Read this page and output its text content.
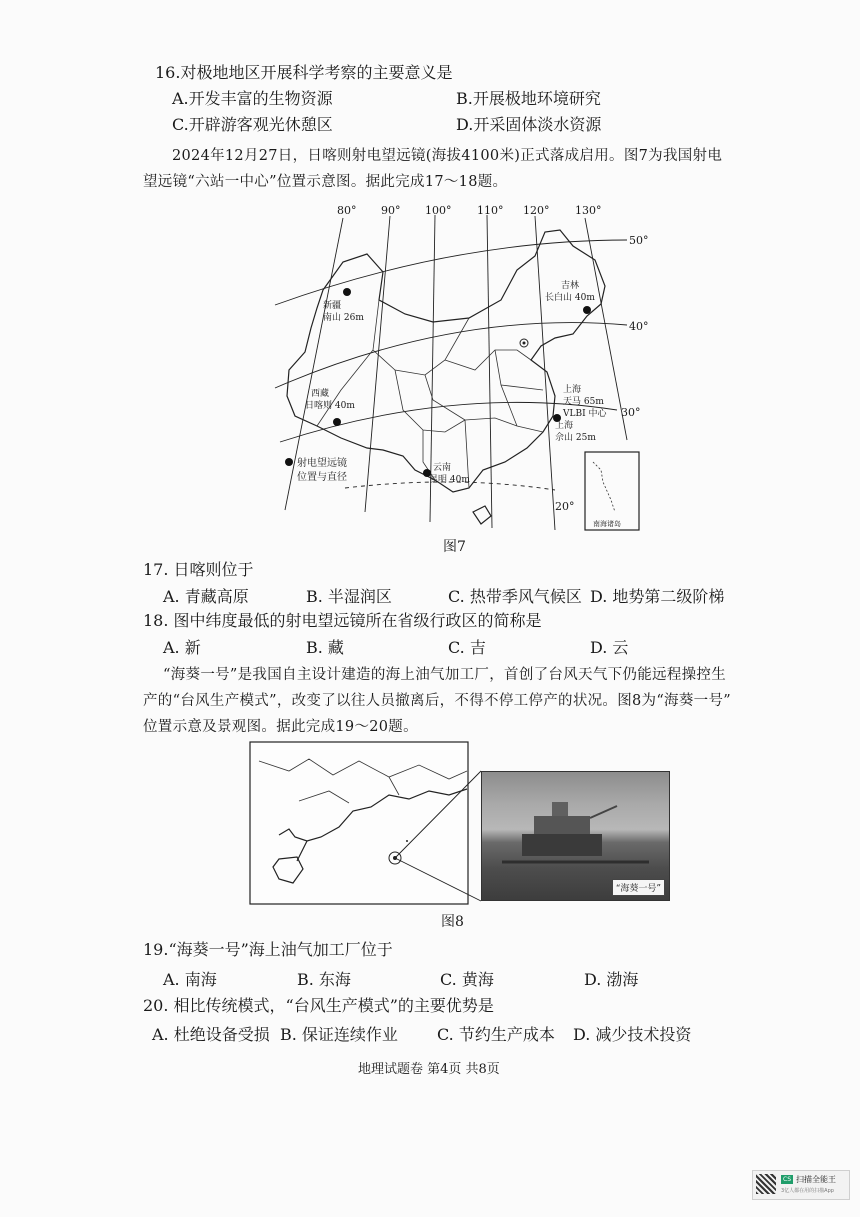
16.对极地地区开展科学考察的主要意义是
A.开发丰富的生物资源	B.开展极地环境研究
C.开辟游客观光休憩区	D.开采固体淡水资源
2024年12月27日，日喀则射电望远镜(海拔4100米)正式落成启用。图7为我国射电
望远镜“六站一中心”位置示意图。据此完成17～18题。
南海诸岛
80° 90° 100° 110° 120° 130°
50°
40°
30°
20°
新疆
南山 26m
吉林
长白山 40m
西藏
日喀则 40m
上海
天马 65m
VLBI 中心
上海
佘山 25m
云南
昆明 40m
射电望远镜
位置与直径
图7
17. 日喀则位于
A. 青藏高原	B. 半湿润区	C. 热带季风气候区 D. 地势第二级阶梯
18. 图中纬度最低的射电望远镜所在省级行政区的简称是
A. 新	B. 藏	C. 吉	D. 云
“海葵一号”是我国自主设计建造的海上油气加工厂，首创了台风天气下仍能远程操控生
产的“台风生产模式”，改变了以往人员撤离后，不得不停工停产的状况。图8为“海葵一号”
位置示意及景观图。据此完成19～20题。
“海葵一号”
图8
19.“海葵一号”海上油气加工厂位于
A. 南海	B. 东海	C. 黄海	D. 渤海
20. 相比传统模式，“台风生产模式”的主要优势是
A. 杜绝设备受损 B. 保证连续作业 C. 节约生产成本 D. 减少技术投资
地理试题卷 第4页 共8页
CS 扫描全能王
3亿人都在用的扫描App
